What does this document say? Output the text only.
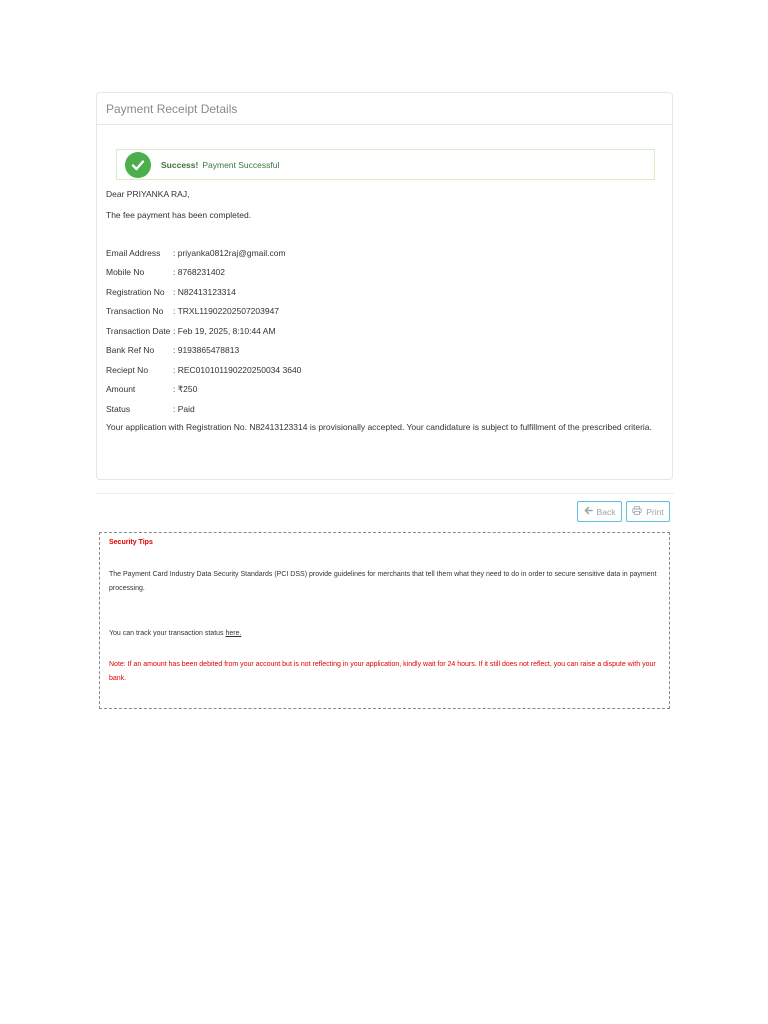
Payment Receipt Details
Success! Payment Successful
Dear PRIYANKA RAJ,
The fee payment has been completed.
Email Address	: priyanka0812raj@gmail.com
Mobile No	: 8768231402
Registration No : N82413123314
Transaction No	: TRXL11902202507203947
Transaction Date : Feb 19, 2025, 8:10:44 AM
Bank Ref No	: 9193865478813
Reciept No	: REC010101190220250034 3640
Amount	: ₹250
Status	: Paid
Your application with Registration No. N82413123314 is provisionally accepted. Your candidature is subject to fulfillment of the prescribed criteria.
Back	Print
Security Tips
The Payment Card Industry Data Security Standards (PCI DSS) provide guidelines for merchants that tell them what they need to do in order to secure sensitive data in payment processing.
You can track your transaction status here.
Note: If an amount has been debited from your account but is not reflecting in your application, kindly wait for 24 hours. If it still does not reflect, you can raise a dispute with your bank.
